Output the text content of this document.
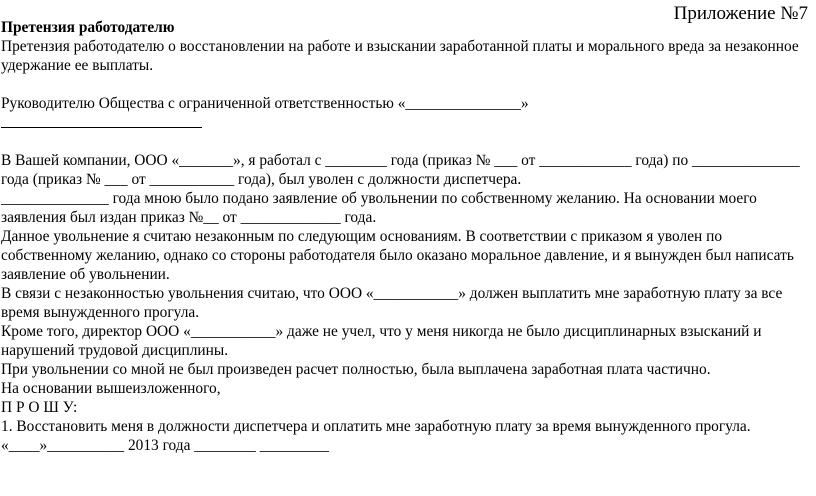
Приложение №7

Претензия работодателю

Претензия работодателю о восстановлении на работе и взыскании заработанной платы и морального вреда за незаконное удержание ее выплаты.

Руководителю Общества с ограниченной ответственностью «_______________»

В Вашей компании, ООО «_______», я работал с ________ года (приказ № ___ от ____________ года) по ______________ года (приказ № ___ от ___________ года), был уволен с должности диспетчера.

______________ года мною было подано заявление об увольнении по собственному желанию. На основании моего заявления был издан приказ №__ от _____________ года.

Данное увольнение я считаю незаконным по следующим основаниям. В соответствии с приказом я уволен по собственному желанию, однако со стороны работодателя было оказано моральное давление, и я вынужден был написать заявление об увольнении.

В связи с незаконностью увольнения считаю, что ООО «___________» должен выплатить мне заработную плату за все время вынужденного прогула.

Кроме того, директор ООО «___________» даже не учел, что у меня никогда не было дисциплинарных взысканий и нарушений трудовой дисциплины.

При увольнении со мной не был произведен расчет полностью, была выплачена заработная плата частично.

На основании вышеизложенного,

П Р О Ш У:

1. Восстановить меня в должности диспетчера и оплатить мне заработную плату за время вынужденного прогула.

«____»__________ 2013 года ________ _________
